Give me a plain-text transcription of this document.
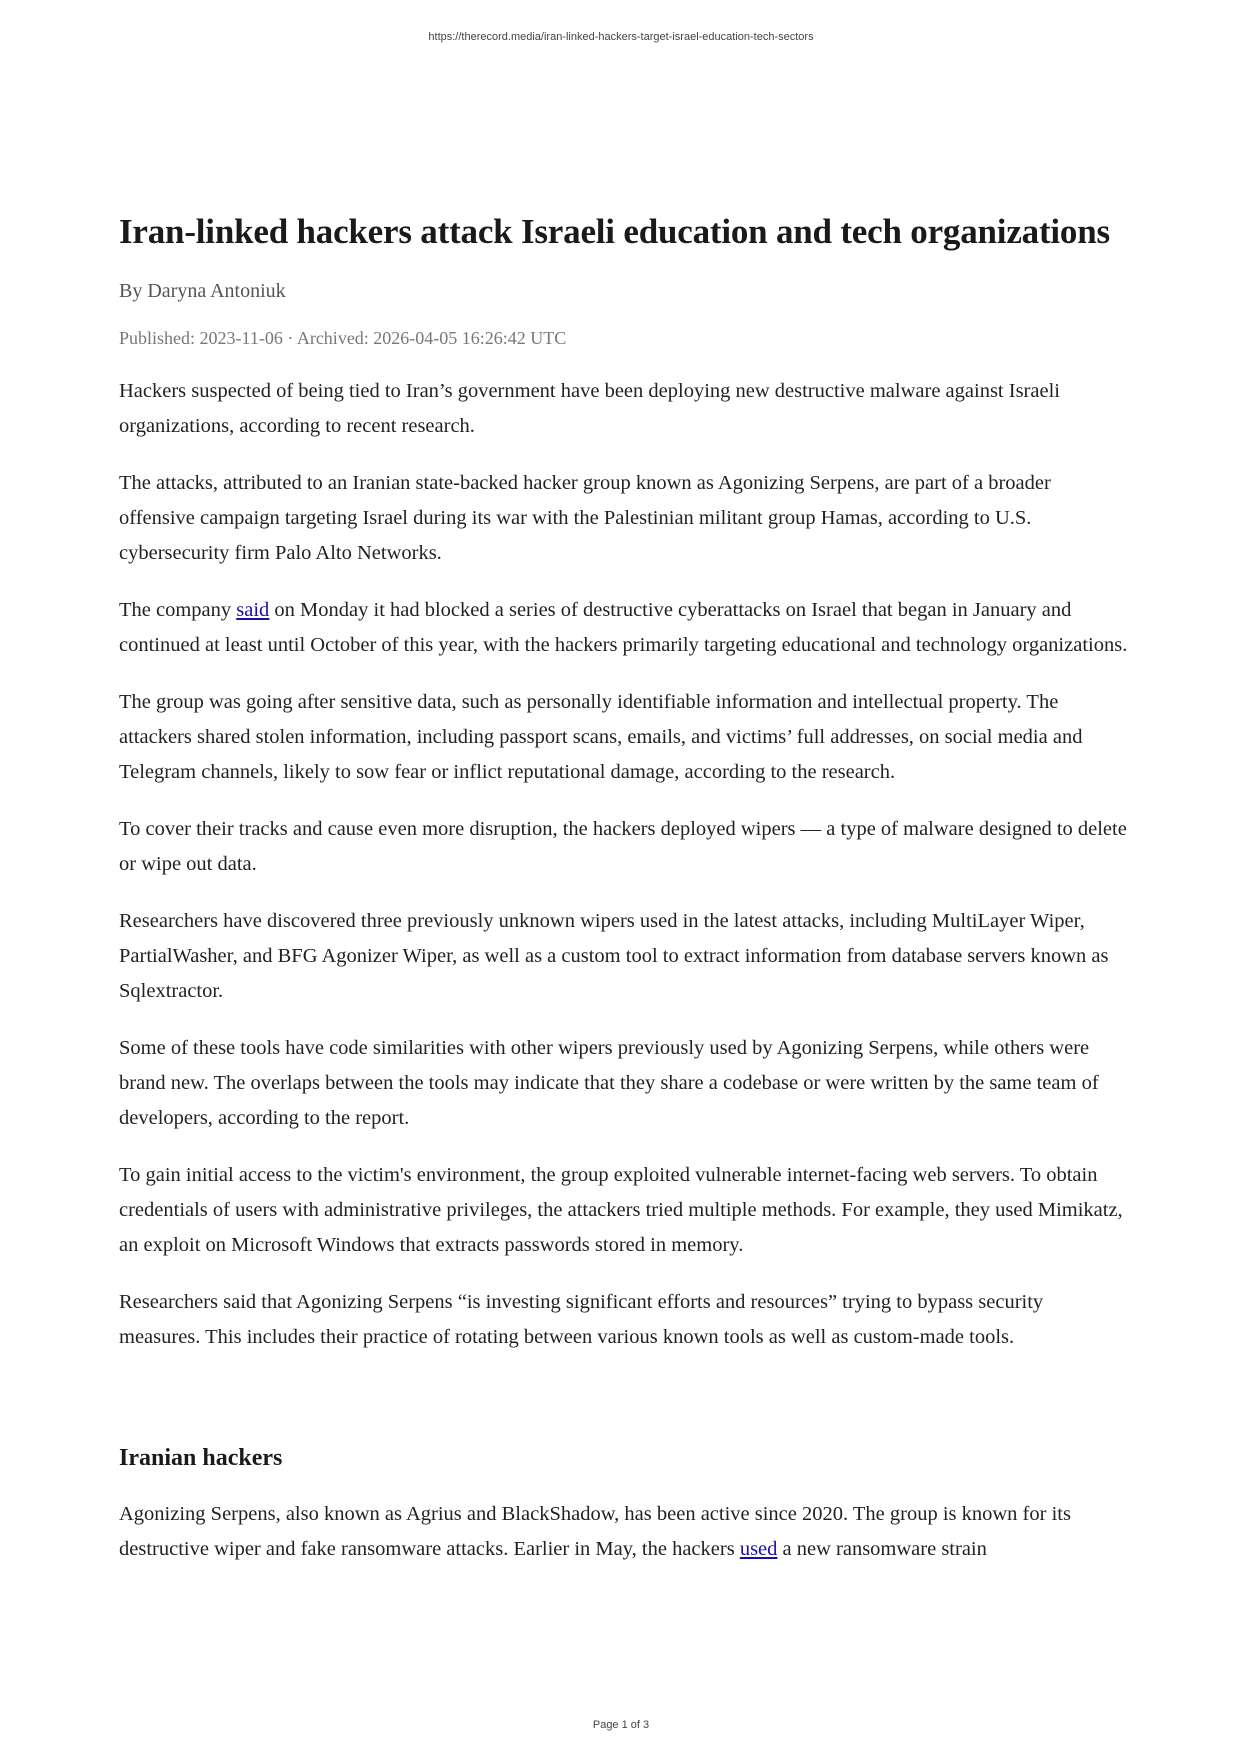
https://therecord.media/iran-linked-hackers-target-israel-education-tech-sectors
Iran-linked hackers attack Israeli education and tech organizations
By Daryna Antoniuk
Published: 2023-11-06 · Archived: 2026-04-05 16:26:42 UTC

Hackers suspected of being tied to Iran’s government have been deploying new destructive malware against Israeli organizations, according to recent research.

The attacks, attributed to an Iranian state-backed hacker group known as Agonizing Serpens, are part of a broader offensive campaign targeting Israel during its war with the Palestinian militant group Hamas, according to U.S. cybersecurity firm Palo Alto Networks.

The company said on Monday it had blocked a series of destructive cyberattacks on Israel that began in January and continued at least until October of this year, with the hackers primarily targeting educational and technology organizations.

The group was going after sensitive data, such as personally identifiable information and intellectual property. The attackers shared stolen information, including passport scans, emails, and victims’ full addresses, on social media and Telegram channels, likely to sow fear or inflict reputational damage, according to the research.

To cover their tracks and cause even more disruption, the hackers deployed wipers — a type of malware designed to delete or wipe out data.

Researchers have discovered three previously unknown wipers used in the latest attacks, including MultiLayer Wiper, PartialWasher, and BFG Agonizer Wiper, as well as a custom tool to extract information from database servers known as Sqlextractor.

Some of these tools have code similarities with other wipers previously used by Agonizing Serpens, while others were brand new. The overlaps between the tools may indicate that they share a codebase or were written by the same team of developers, according to the report.

To gain initial access to the victim's environment, the group exploited vulnerable internet-facing web servers. To obtain credentials of users with administrative privileges, the attackers tried multiple methods. For example, they used Mimikatz, an exploit on Microsoft Windows that extracts passwords stored in memory.

Researchers said that Agonizing Serpens “is investing significant efforts and resources” trying to bypass security measures. This includes their practice of rotating between various known tools as well as custom-made tools.

Iranian hackers

Agonizing Serpens, also known as Agrius and BlackShadow, has been active since 2020. The group is known for its destructive wiper and fake ransomware attacks. Earlier in May, the hackers used a new ransomware strain

Page 1 of 3
